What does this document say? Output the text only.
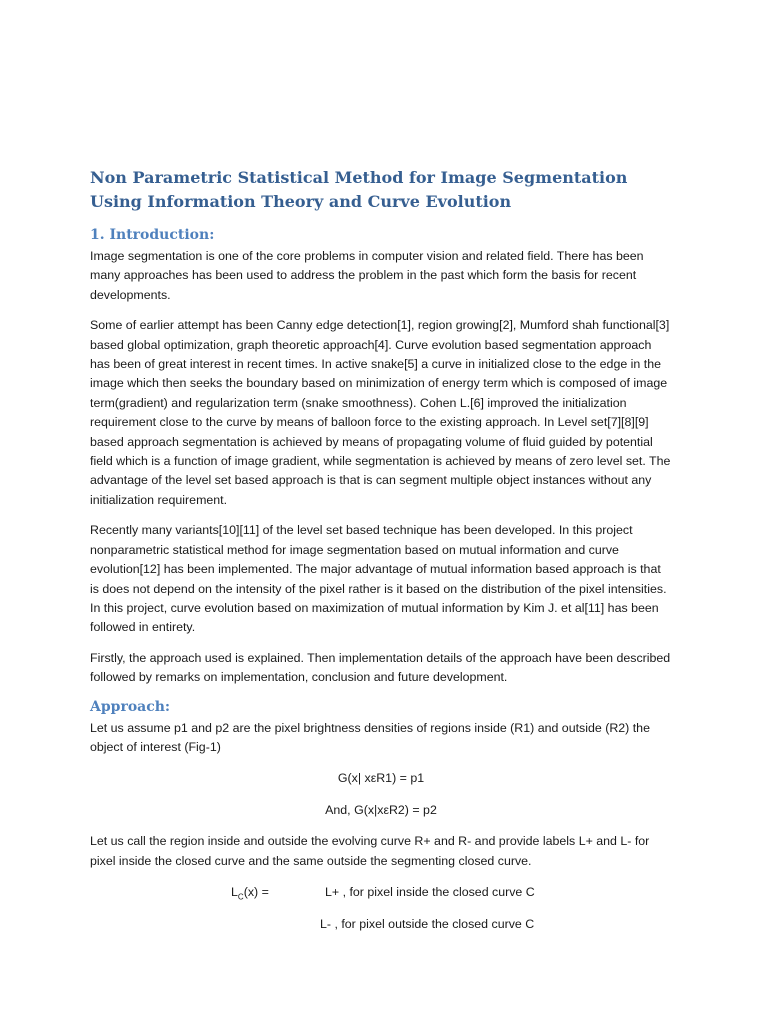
Non Parametric Statistical Method for Image Segmentation Using Information Theory and Curve Evolution
1. Introduction:

Image segmentation is one of the core problems in computer vision and related field. There has been many approaches has been used to address the problem in the past which form the basis for recent developments.

Some of earlier attempt has been Canny edge detection[1], region growing[2], Mumford shah functional[3] based global optimization, graph theoretic approach[4]. Curve evolution based segmentation approach has been of great interest in recent times. In active snake[5] a curve in initialized close to the edge in the image which then seeks the boundary based on minimization of energy term which is composed of image term(gradient) and regularization term (snake smoothness). Cohen L.[6] improved the initialization requirement close to the curve by means of balloon force to the existing approach. In Level set[7][8][9] based approach segmentation is achieved by means of propagating volume of fluid guided by potential field which is a function of image gradient, while segmentation is achieved by means of zero level set. The advantage of the level set based approach is that is can segment multiple object instances without any initialization requirement.

Recently many variants[10][11] of the level set based technique has been developed. In this project nonparametric statistical method for image segmentation based on mutual information and curve evolution[12] has been implemented. The major advantage of mutual information based approach is that is does not depend on the intensity of the pixel rather is it based on the distribution of the pixel intensities. In this project, curve evolution based on maximization of mutual information by Kim J. et al[11] has been followed in entirety.

Firstly, the approach used is explained. Then implementation details of the approach have been described followed by remarks on implementation, conclusion and future development.

Approach:

Let us assume p1 and p2 are the pixel brightness densities of regions inside (R1) and outside (R2) the object of interest (Fig-1)

G(x| xεR1) = p1
And, G(x|xεR2) = p2

Let us call the region inside and outside the evolving curve R+ and R- and provide labels L+ and L- for pixel inside the closed curve and the same outside the segmenting closed curve.

$L_C(x)$ =	L+ , for pixel inside the closed curve C
L- , for pixel outside the closed curve C
